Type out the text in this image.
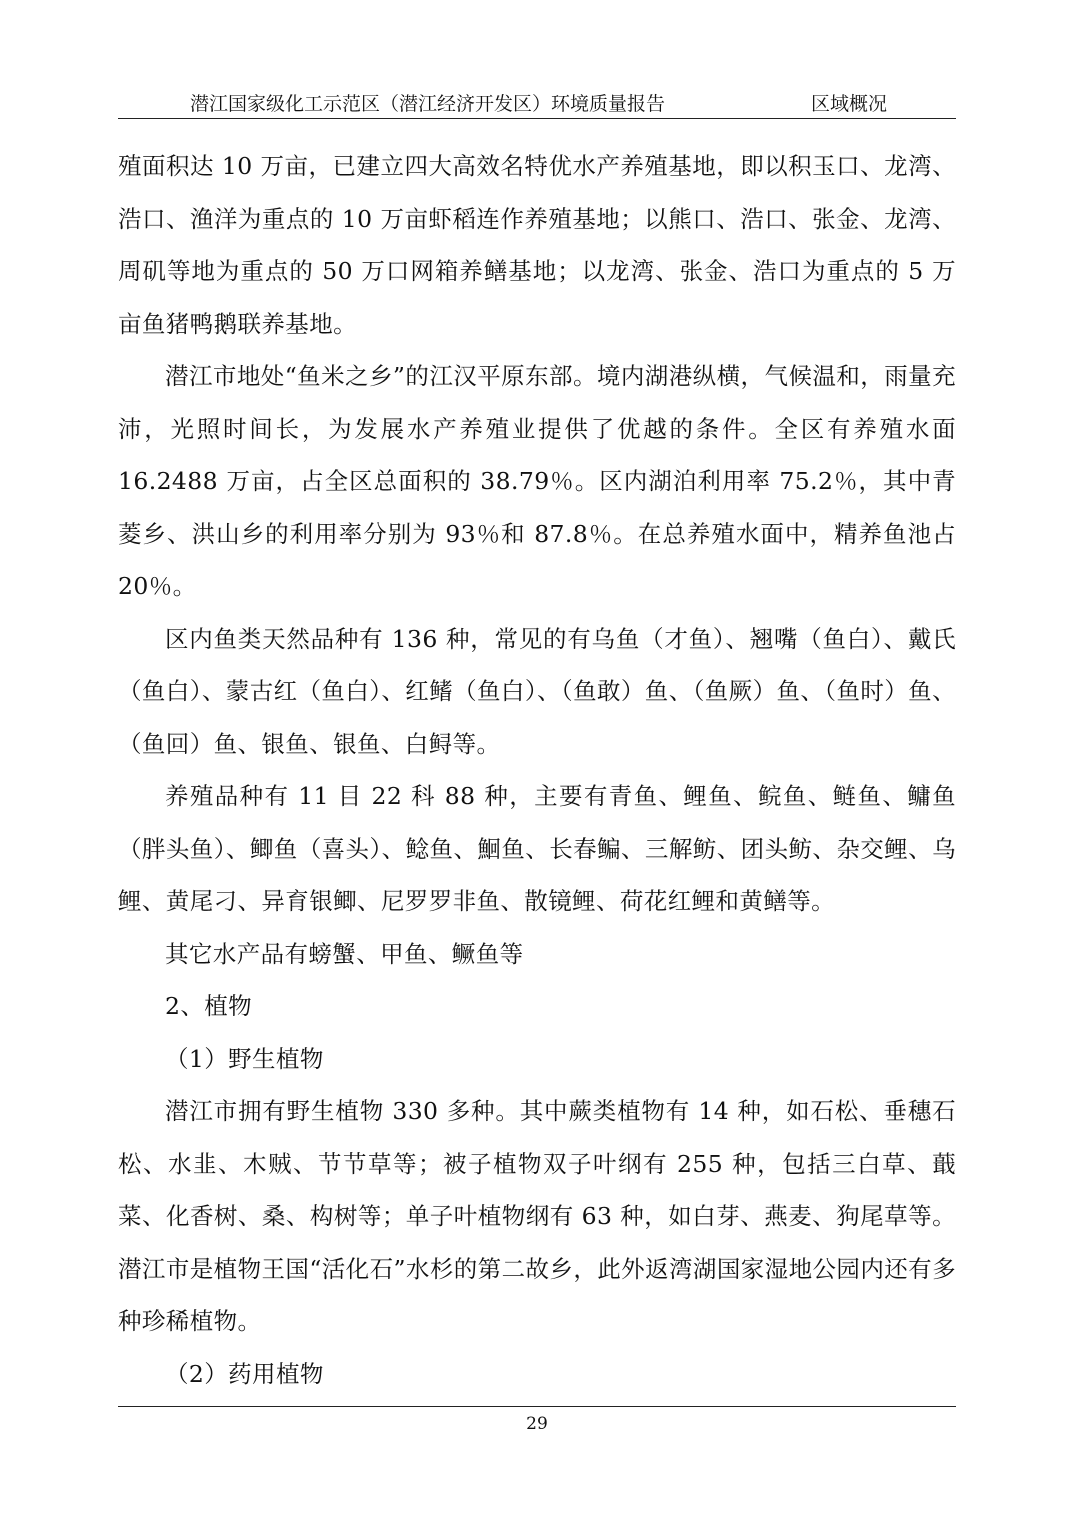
潜江国家级化工示范区（潜江经济开发区）环境质量报告	区域概况

殖面积达 10 万亩，已建立四大高效名特优水产养殖基地，即以积玉口、龙湾、浩口、渔洋为重点的 10 万亩虾稻连作养殖基地；以熊口、浩口、张金、龙湾、周矶等地为重点的 50 万口网箱养鳝基地；以龙湾、张金、浩口为重点的 5 万亩鱼猪鸭鹅联养基地。

潜江市地处“鱼米之乡”的江汉平原东部。境内湖港纵横，气候温和，雨量充沛，光照时间长，为发展水产养殖业提供了优越的条件。全区有养殖水面 16.2488 万亩，占全区总面积的 38.79％。区内湖泊利用率 75.2％，其中青菱乡、洪山乡的利用率分别为 93％和 87.8％。在总养殖水面中，精养鱼池占 20％。

区内鱼类天然品种有 136 种，常见的有乌鱼（才鱼）、翘嘴（鱼白）、戴氏（鱼白）、蒙古红（鱼白）、红鳍（鱼白）、（鱼敢）鱼、（鱼厥）鱼、（鱼时）鱼、（鱼回）鱼、银鱼、银鱼、白鲟等。

养殖品种有 11 目 22 科 88 种，主要有青鱼、鲤鱼、鲩鱼、鲢鱼、鳙鱼（胖头鱼）、鲫鱼（喜头）、鲶鱼、鮰鱼、长春鳊、三解鲂、团头鲂、杂交鲤、乌鲤、黄尾刁、异育银鲫、尼罗罗非鱼、散镜鲤、荷花红鲤和黄鳝等。

其它水产品有螃蟹、甲鱼、鳜鱼等

2、植物

（1）野生植物

潜江市拥有野生植物 330 多种。其中蕨类植物有 14 种，如石松、垂穗石松、水韭、木贼、节节草等；被子植物双子叶纲有 255 种，包括三白草、蕺菜、化香树、桑、构树等；单子叶植物纲有 63 种，如白芽、燕麦、狗尾草等。潜江市是植物王国“活化石”水杉的第二故乡，此外返湾湖国家湿地公园内还有多种珍稀植物。

（2）药用植物

29
